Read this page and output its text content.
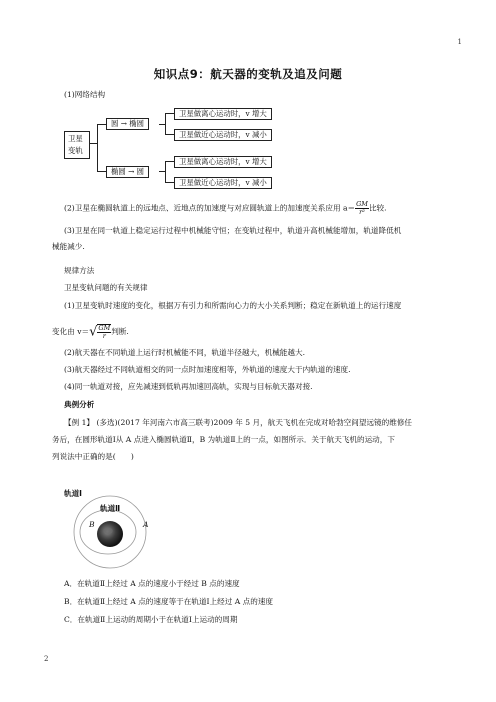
1
2
知识点9：航天器的变轨及追及问题
(1)网络结构
卫星变轨
圆 → 椭圆
椭圆 → 圆
卫星做离心运动时，v 增大
卫星做近心运动时，v 减小
卫星做离心运动时，v 增大
卫星做近心运动时，v 减小
(2)卫星在椭圆轨道上的远地点、近地点的加速度与对应圆轨道上的加速度关系应用 $a= \frac{GM}{\text{r²}}$ 比较.
(3)卫星在同一轨道上稳定运行过程中机械能守恒；在变轨过程中，轨道升高机械能增加，轨道降低机
械能减少.
规律方法
卫星变轨问题的有关规律
(1)卫星变轨时速度的变化，根据万有引力和所需向心力的大小关系判断；稳定在新轨道上的运行速度
变化由 $v=√ \frac{GM}{r}$ 判断.
(2)航天器在不同轨道上运行时机械能不同，轨道半径越大，机械能越大.
(3)航天器经过不同轨道相交的同一点时加速度相等，外轨道的速度大于内轨道的速度.
(4)同一轨道对接，应先减速到低轨再加速回高轨，实现与目标航天器对接.
典例分析
【例 1】 (多选)(2017 年河南六市高三联考)2009 年 5 月，航天飞机在完成对哈勃空间望远镜的维修任
务后，在圆形轨道Ⅰ从 A 点进入椭圆轨道Ⅱ，B 为轨道Ⅱ上的一点，如图所示．关于航天飞机的运动，下
列说法中正确的是(　　)
轨道Ⅰ
轨道Ⅱ
B	A
A．在轨道Ⅱ上经过 A 点的速度小于经过 B 点的速度
B．在轨道Ⅱ上经过 A 点的速度等于在轨道Ⅰ上经过 A 点的速度
C．在轨道Ⅱ上运动的周期小于在轨道Ⅰ上运动的周期
